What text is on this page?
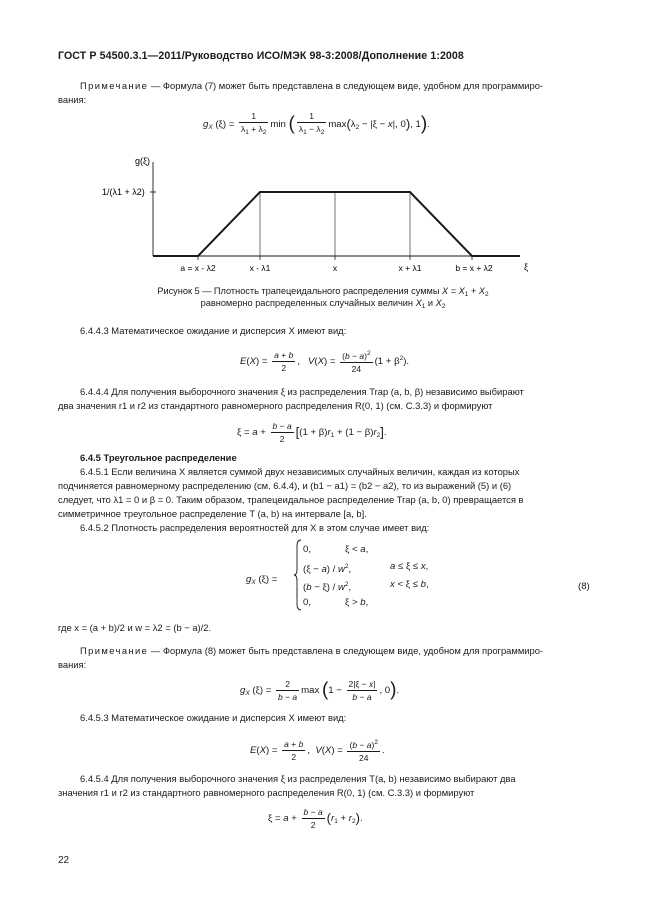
ГОСТ Р 54500.3.1—2011/Руководство ИСО/МЭК 98-3:2008/Дополнение 1:2008

Примечание — Формула (7) может быть представлена в следующем виде, удобном для программиро-

вания:

$g_X$ $(\xi) = \frac{1}{\lambda_1 + \lambda_2}$ min ( $\frac{1}{\lambda_1 - \lambda_2} \max(\lambda_2 - |\xi - x|$, 0), 1).
g(ξ)
1/(λ1 + λ2)
ξ
a = x - λ2	x - λ1	x	x + λ1	b = x + λ2
Рисунок 5 — Плотность трапецеидального распределения суммы $X = X_1 + X_2$
равномерно распределенных случайных величин $X_1$ и $X_2$

6.4.4.3 Математическое ожидание и дисперсия X имеют вид:

$E(X) = \frac{a + b}{2}$ ,   $V(X) = \frac{(b - a)^2}{24} (1 + \beta^2)$.

6.4.4.4 Для получения выборочного значения ξ из распределения Trap (a, b, β) независимо выбирают

два значения r1 и r2 из стандартного равномерного распределения R(0, 1) (см. С.3.3) и формируют

$\xi = a + \frac{b - a}{2} [(1 + \beta)r_1 + (1 - \beta)r_2]$.

6.4.5 Треугольное распределение

6.4.5.1 Если величина X является суммой двух независимых случайных величин, каждая из которых

подчиняется равномерному распределению (см. 6.4.4), и (b1 − a1) = (b2 − a2), то из выражений (5) и (6)

следует, что λ1 = 0 и β = 0. Таким образом, трапецеидальное распределение Trap (a, b, 0) превращается в

симметричное треугольное распределение T (a, b) на интервале [a, b].

6.4.5.2 Плотность распределения вероятностей для X в этом случае имеет вид:

$g_X$ (ξ) =
0,	ξ < a,
$(\xi - a) / w^2$,	a ≤ ξ ≤ x,
$(b - \xi) / w^2$,	x < ξ ≤ b,
0,	ξ > b,
(8)

где x = (a + b)/2 и w = λ2 = (b − a)/2.

Примечание — Формула (8) может быть представлена в следующем виде, удобном для программиро-

вания:

$g_X$ $(\xi) = \frac{2}{b - a}$ $\max (1 - \frac{2|\xi - x|}{b - a}$ , 0).

6.4.5.3 Математическое ожидание и дисперсия X имеют вид:

$E(X) = \frac{a + b}{2}$ ,  $V(X) = \frac{(b - a)^2}{24}$ .

6.4.5.4 Для получения выборочного значения ξ из распределения T(a, b) независимо выбирают два

значения r1 и r2 из стандартного равномерного распределения R(0, 1) (см. С.3.3) и формируют

$\xi = a + \frac{b - a}{2} (r_1 + r_2)$.
22
